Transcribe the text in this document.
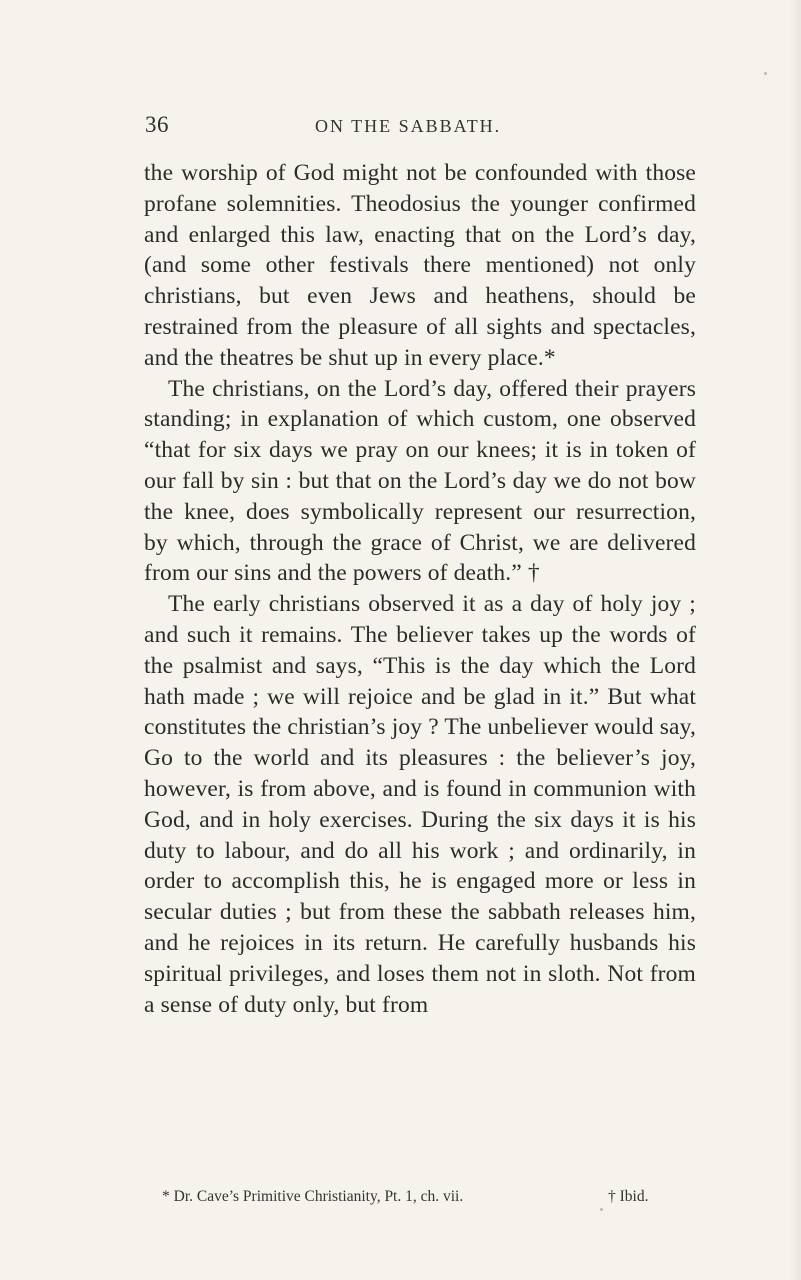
36	ON THE SABBATH.

the worship of God might not be confounded with those profane solemnities. Theodosius the younger confirmed and enlarged this law, enacting that on the Lord’s day, (and some other festivals there mentioned) not only christians, but even Jews and heathens, should be restrained from the pleasure of all sights and spectacles, and the theatres be shut up in every place.*

The christians, on the Lord’s day, offered their prayers standing; in explanation of which custom, one observed “that for six days we pray on our knees; it is in token of our fall by sin : but that on the Lord’s day we do not bow the knee, does symbolically represent our resurrection, by which, through the grace of Christ, we are delivered from our sins and the powers of death.” †

The early christians observed it as a day of holy joy ; and such it remains. The believer takes up the words of the psalmist and says, “This is the day which the Lord hath made ; we will rejoice and be glad in it.” But what constitutes the christian’s joy ? The unbeliever would say, Go to the world and its pleasures : the believer’s joy, however, is from above, and is found in communion with God, and in holy exercises. During the six days it is his duty to labour, and do all his work ; and ordinarily, in order to accomplish this, he is engaged more or less in secular duties ; but from these the sabbath releases him, and he rejoices in its return. He carefully husbands his spiritual privileges, and loses them not in sloth. Not from a sense of duty only, but from

* Dr. Cave’s Primitive Christianity, Pt. 1, ch. vii.	† Ibid.
